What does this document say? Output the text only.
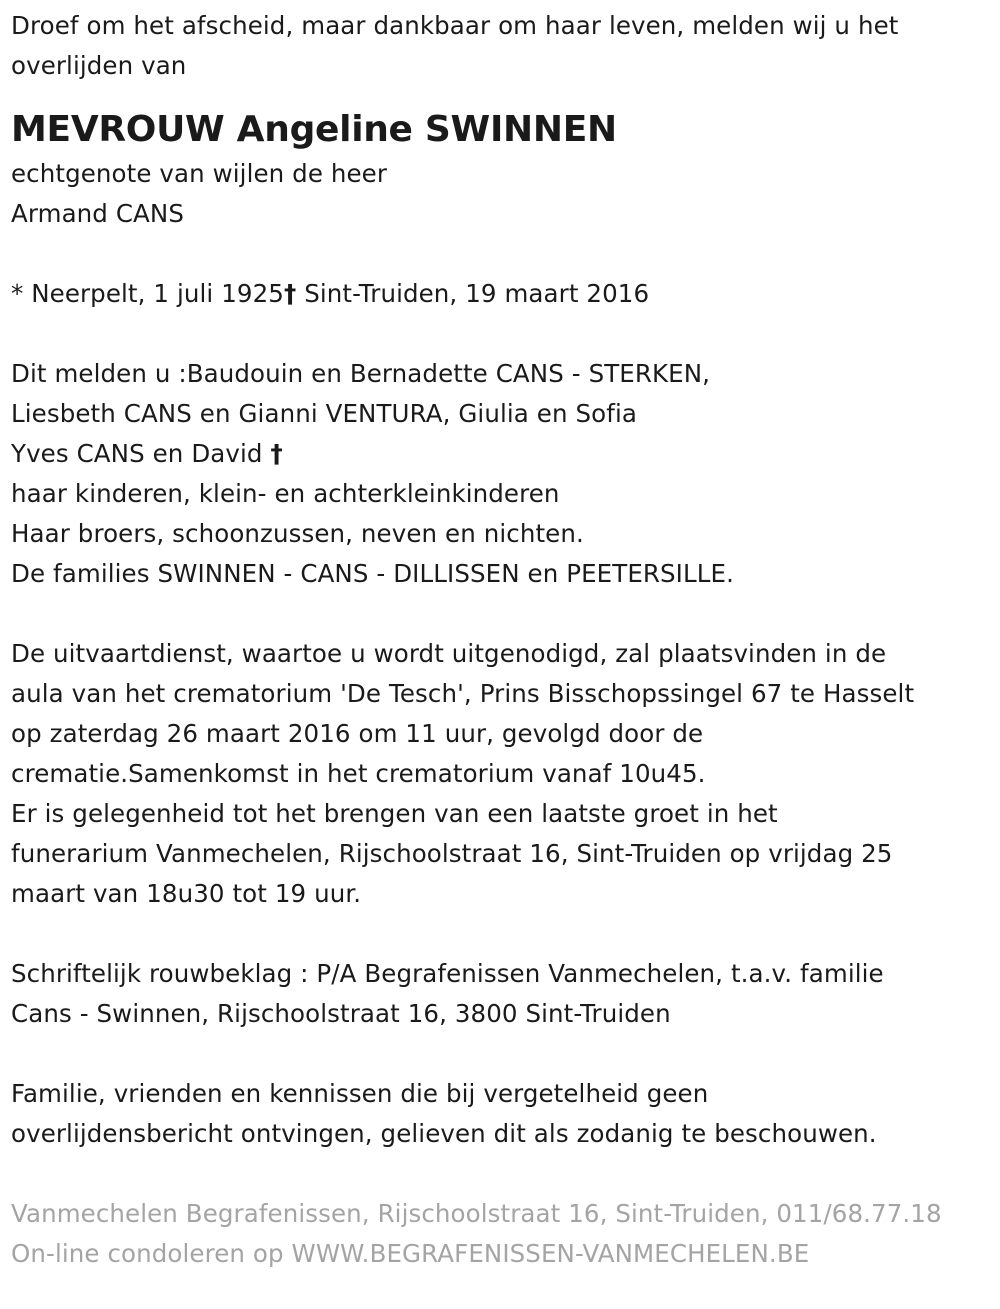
Droef om het afscheid, maar dankbaar om haar leven, melden wij u het
overlijden van
MEVROUW Angeline SWINNEN
echtgenote van wijlen de heer
Armand CANS
* Neerpelt, 1 juli 1925† Sint-Truiden, 19 maart 2016
Dit melden u :Baudouin en Bernadette CANS - STERKEN,
Liesbeth CANS en Gianni VENTURA, Giulia en Sofia
Yves CANS en David †
haar kinderen, klein- en achterkleinkinderen
Haar broers, schoonzussen, neven en nichten.
De families SWINNEN - CANS - DILLISSEN en PEETERSILLE.
De uitvaartdienst, waartoe u wordt uitgenodigd, zal plaatsvinden in de
aula van het crematorium 'De Tesch', Prins Bisschopssingel 67 te Hasselt
op zaterdag 26 maart 2016 om 11 uur, gevolgd door de
crematie.Samenkomst in het crematorium vanaf 10u45.
Er is gelegenheid tot het brengen van een laatste groet in het
funerarium Vanmechelen, Rijschoolstraat 16, Sint-Truiden op vrijdag 25
maart van 18u30 tot 19 uur.
Schriftelijk rouwbeklag : P/A Begrafenissen Vanmechelen, t.a.v. familie
Cans - Swinnen, Rijschoolstraat 16, 3800 Sint-Truiden
Familie, vrienden en kennissen die bij vergetelheid geen
overlijdensbericht ontvingen, gelieven dit als zodanig te beschouwen.
Vanmechelen Begrafenissen, Rijschoolstraat 16, Sint-Truiden, 011/68.77.18
On-line condoleren op WWW.BEGRAFENISSEN-VANMECHELEN.BE
